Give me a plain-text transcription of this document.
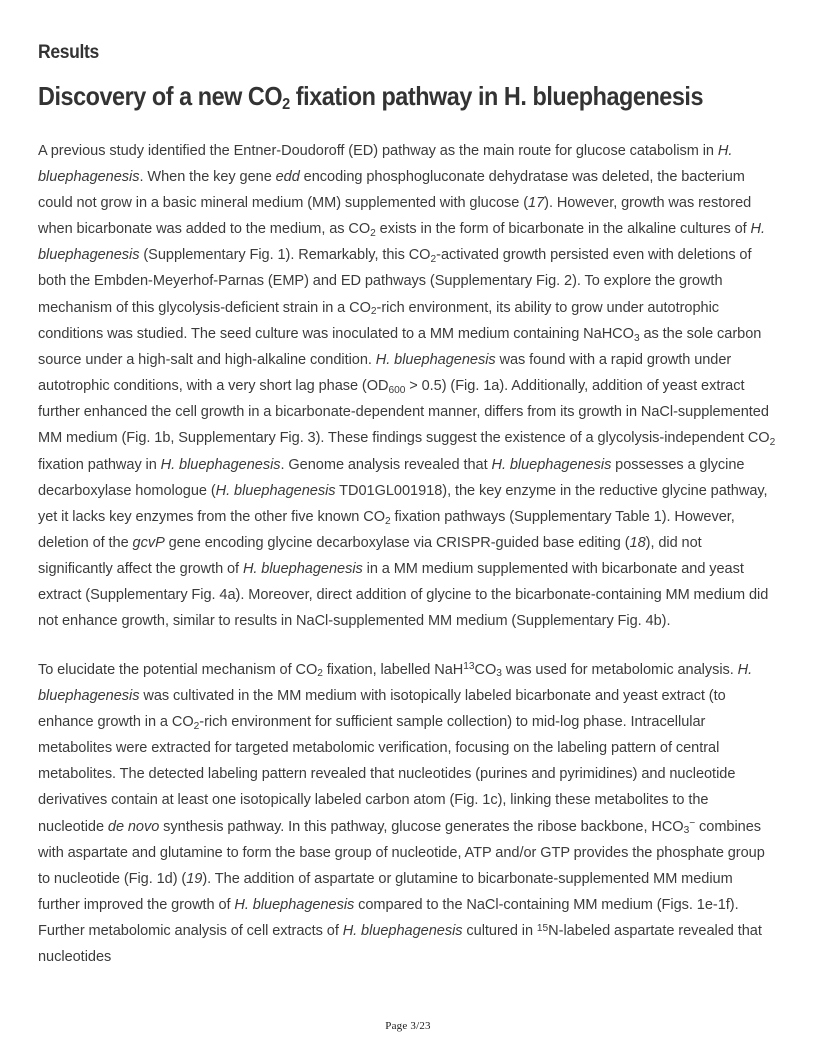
Results
Discovery of a new $CO_2$ fixation pathway in H. bluephagenesis

A previous study identified the Entner-Doudoroff (ED) pathway as the main route for glucose catabolism in H. bluephagenesis. When the key gene edd encoding phosphogluconate dehydratase was deleted, the bacterium could not grow in a basic mineral medium (MM) supplemented with glucose (17). However, growth was restored when bicarbonate was added to the medium, as $CO_2$ exists in the form of bicarbonate in the alkaline cultures of H. bluephagenesis (Supplementary Fig. 1). Remarkably, this $CO_2$-activated growth persisted even with deletions of both the Embden-Meyerhof-Parnas (EMP) and ED pathways (Supplementary Fig. 2). To explore the growth mechanism of this glycolysis-deficient strain in a $CO_2$-rich environment, its ability to grow under autotrophic conditions was studied. The seed culture was inoculated to a MM medium containing NaHCO$_3$ as the sole carbon source under a high-salt and high-alkaline condition. H. bluephagenesis was found with a rapid growth under autotrophic conditions, with a very short lag phase $(OD_{600} > 0.5)$ (Fig. 1a). Additionally, addition of yeast extract further enhanced the cell growth in a bicarbonate-dependent manner, differs from its growth in NaCl-supplemented MM medium (Fig. 1b, Supplementary Fig. 3). These findings suggest the existence of a glycolysis-independent $CO_2$ fixation pathway in H. bluephagenesis. Genome analysis revealed that H. bluephagenesis possesses a glycine decarboxylase homologue (H. bluephagenesis TD01GL001918), the key enzyme in the reductive glycine pathway, yet it lacks key enzymes from the other five known $CO_2$ fixation pathways (Supplementary Table 1). However, deletion of the gcvP gene encoding glycine decarboxylase via CRISPR-guided base editing (18), did not significantly affect the growth of H. bluephagenesis in a MM medium supplemented with bicarbonate and yeast extract (Supplementary Fig. 4a). Moreover, direct addition of glycine to the bicarbonate-containing MM medium did not enhance growth, similar to results in NaCl-supplemented MM medium (Supplementary Fig. 4b).

To elucidate the potential mechanism of $CO_2$ fixation, labelled $NaH^{13}CO_3$ was used for metabolomic analysis. H. bluephagenesis was cultivated in the MM medium with isotopically labeled bicarbonate and yeast extract (to enhance growth in a $CO_2$-rich environment for sufficient sample collection) to mid-log phase. Intracellular metabolites were extracted for targeted metabolomic verification, focusing on the labeling pattern of central metabolites. The detected labeling pattern revealed that nucleotides (purines and pyrimidines) and nucleotide derivatives contain at least one isotopically labeled carbon atom (Fig. 1c), linking these metabolites to the nucleotide de novo synthesis pathway. In this pathway, glucose generates the ribose backbone, $HCO_3^-$ combines with aspartate and glutamine to form the base group of nucleotide, ATP and/or GTP provides the phosphate group to nucleotide (Fig. 1d) (19). The addition of aspartate or glutamine to bicarbonate-supplemented MM medium further improved the growth of H. bluephagenesis compared to the NaCl-containing MM medium (Figs. 1e-1f). Further metabolomic analysis of cell extracts of H. bluephagenesis cultured in $^{15}$N-labeled aspartate revealed that nucleotides

Page 3/23
